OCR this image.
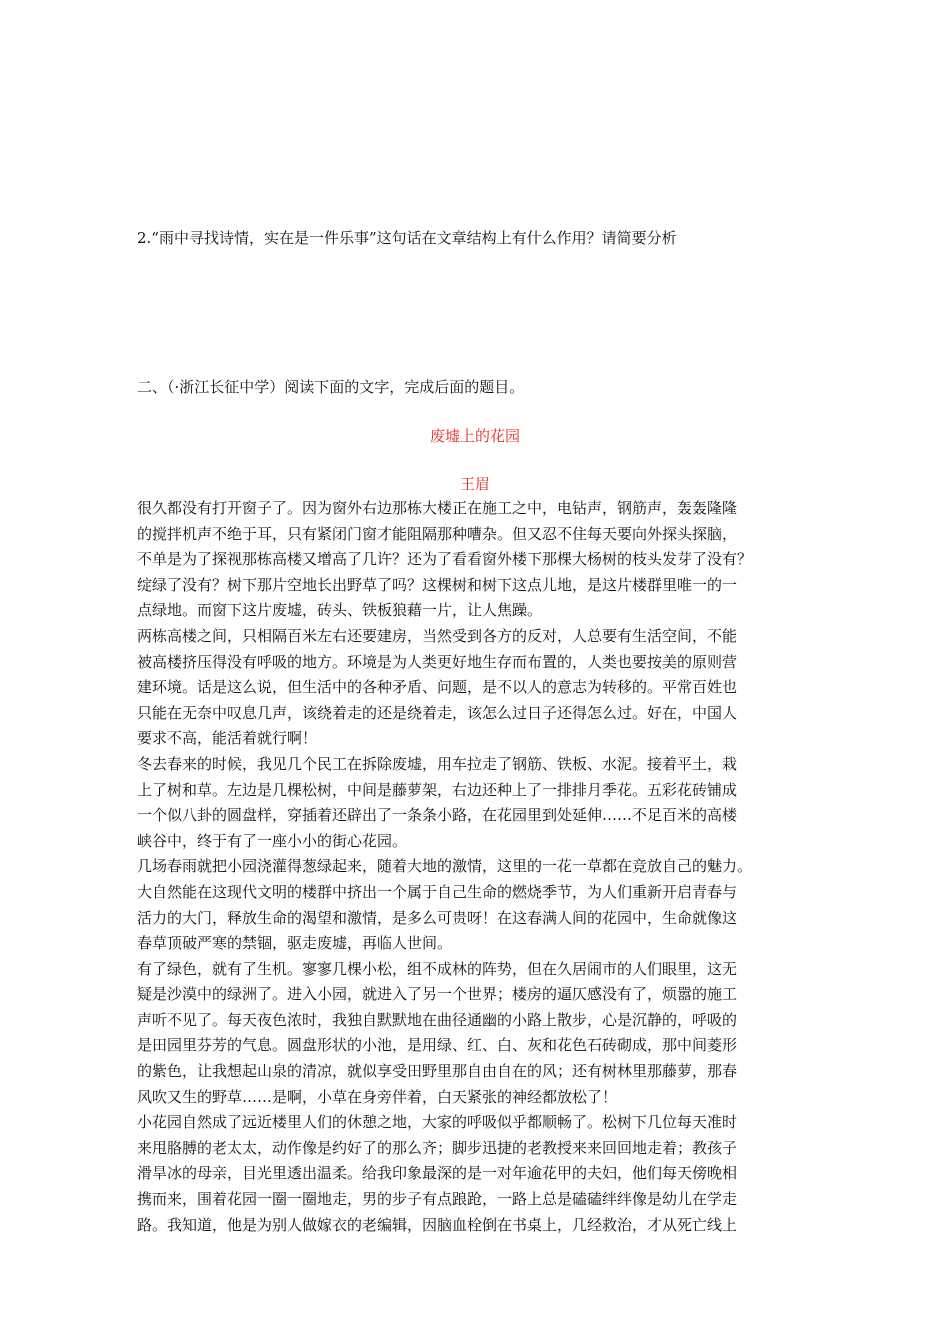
2.“雨中寻找诗情，实在是一件乐事”这句话在文章结构上有什么作用？请简要分析
二、（·浙江长征中学）阅读下面的文字，完成后面的题目。
废墟上的花园
王眉
很久都没有打开窗子了。因为窗外右边那栋大楼正在施工之中，电钻声，钢筋声，轰轰隆隆
的搅拌机声不绝于耳，只有紧闭门窗才能阻隔那种嘈杂。但又忍不住每天要向外探头探脑，
不单是为了探视那栋高楼又增高了几许？还为了看看窗外楼下那棵大杨树的枝头发芽了没有？
绽绿了没有？树下那片空地长出野草了吗？这棵树和树下这点儿地，是这片楼群里唯一的一
点绿地。而窗下这片废墟，砖头、铁板狼藉一片，让人焦躁。
两栋高楼之间，只相隔百米左右还要建房，当然受到各方的反对，人总要有生活空间，不能
被高楼挤压得没有呼吸的地方。环境是为人类更好地生存而布置的，人类也要按美的原则营
建环境。话是这么说，但生活中的各种矛盾、问题，是不以人的意志为转移的。平常百姓也
只能在无奈中叹息几声，该绕着走的还是绕着走，该怎么过日子还得怎么过。好在，中国人
要求不高，能活着就行啊！
冬去春来的时候，我见几个民工在拆除废墟，用车拉走了钢筋、铁板、水泥。接着平土，栽
上了树和草。左边是几棵松树，中间是藤萝架，右边还种上了一排排月季花。五彩花砖铺成
一个似八卦的圆盘样，穿插着还辟出了一条条小路，在花园里到处延伸……不足百米的高楼
峡谷中，终于有了一座小小的街心花园。
几场春雨就把小园浇灌得葱绿起来，随着大地的激情，这里的一花一草都在竞放自己的魅力。
大自然能在这现代文明的楼群中挤出一个属于自己生命的燃烧季节，为人们重新开启青春与
活力的大门，释放生命的渴望和激情，是多么可贵呀！在这春满人间的花园中，生命就像这
春草顶破严寒的禁锢，驱走废墟，再临人世间。
有了绿色，就有了生机。寥寥几棵小松，组不成林的阵势，但在久居闹市的人们眼里，这无
疑是沙漠中的绿洲了。进入小园，就进入了另一个世界；楼房的逼仄感没有了，烦嚣的施工
声听不见了。每天夜色浓时，我独自默默地在曲径通幽的小路上散步，心是沉静的，呼吸的
是田园里芬芳的气息。圆盘形状的小池，是用绿、红、白、灰和花色石砖砌成，那中间菱形
的紫色，让我想起山泉的清凉，就似享受田野里那自由自在的风；还有树林里那藤萝，那春
风吹又生的野草……是啊，小草在身旁伴着，白天紧张的神经都放松了！
小花园自然成了远近楼里人们的休憩之地，大家的呼吸似乎都顺畅了。松树下几位每天准时
来甩胳膊的老太太，动作像是约好了的那么齐；脚步迅捷的老教授来来回回地走着；教孩子
滑旱冰的母亲，目光里透出温柔。给我印象最深的是一对年逾花甲的夫妇，他们每天傍晚相
携而来，围着花园一圈一圈地走，男的步子有点踉跄，一路上总是磕磕绊绊像是幼儿在学走
路。我知道，他是为别人做嫁衣的老编辑，因脑血栓倒在书桌上，几经救治，才从死亡线上
